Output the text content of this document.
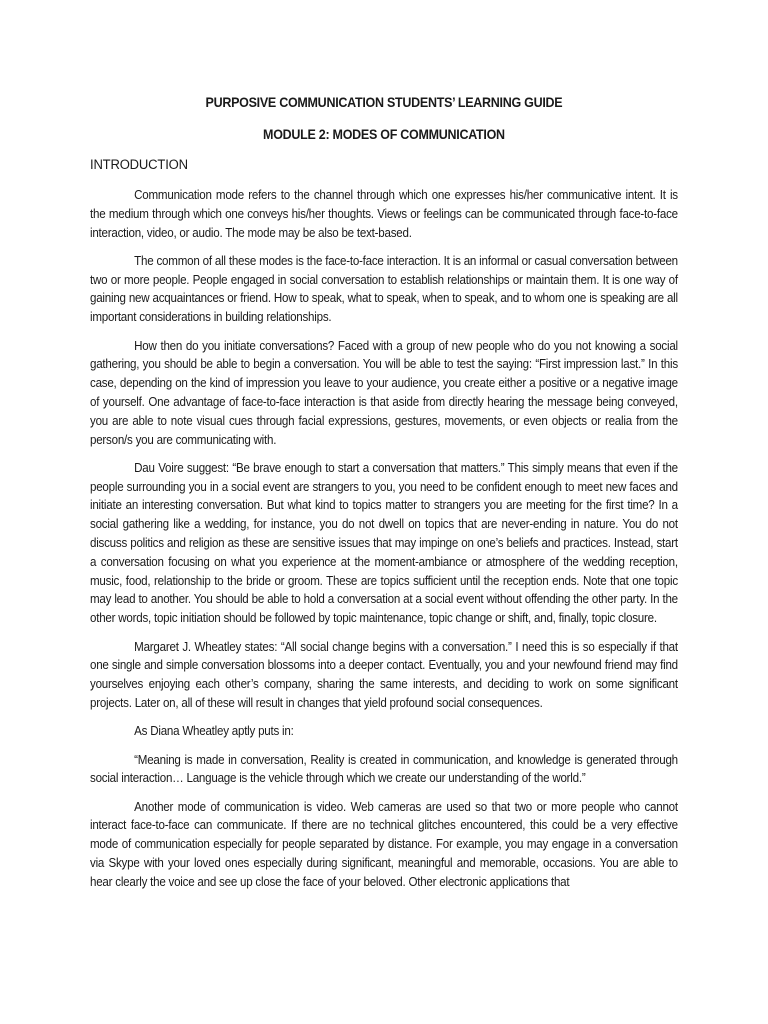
PURPOSIVE COMMUNICATION STUDENTS’ LEARNING GUIDE
MODULE 2: MODES OF COMMUNICATION
INTRODUCTION

Communication mode refers to the channel through which one expresses his/her communicative intent. It is the medium through which one conveys his/her thoughts. Views or feelings can be communicated through face-to-face interaction, video, or audio. The mode may be also be text-based.

The common of all these modes is the face-to-face interaction. It is an informal or casual conversation between two or more people. People engaged in social conversation to establish relationships or maintain them. It is one way of gaining new acquaintances or friend. How to speak, what to speak, when to speak, and to whom one is speaking are all important considerations in building relationships.

How then do you initiate conversations? Faced with a group of new people who do you not knowing a social gathering, you should be able to begin a conversation. You will be able to test the saying: “First impression last.” In this case, depending on the kind of impression you leave to your audience, you create either a positive or a negative image of yourself. One advantage of face-to-face interaction is that aside from directly hearing the message being conveyed, you are able to note visual cues through facial expressions, gestures, movements, or even objects or realia from the person/s you are communicating with.

Dau Voire suggest: “Be brave enough to start a conversation that matters.” This simply means that even if the people surrounding you in a social event are strangers to you, you need to be confident enough to meet new faces and initiate an interesting conversation. But what kind to topics matter to strangers you are meeting for the first time? In a social gathering like a wedding, for instance, you do not dwell on topics that are never-ending in nature. You do not discuss politics and religion as these are sensitive issues that may impinge on one’s beliefs and practices. Instead, start a conversation focusing on what you experience at the moment-ambiance or atmosphere of the wedding reception, music, food, relationship to the bride or groom. These are topics sufficient until the reception ends. Note that one topic may lead to another. You should be able to hold a conversation at a social event without offending the other party. In the other words, topic initiation should be followed by topic maintenance, topic change or shift, and, finally, topic closure.

Margaret J. Wheatley states: “All social change begins with a conversation.” I need this is so especially if that one single and simple conversation blossoms into a deeper contact. Eventually, you and your newfound friend may find yourselves enjoying each other’s company, sharing the same interests, and deciding to work on some significant projects. Later on, all of these will result in changes that yield profound social consequences.

As Diana Wheatley aptly puts in:

“Meaning is made in conversation, Reality is created in communication, and knowledge is generated through social interaction… Language is the vehicle through which we create our understanding of the world.”

Another mode of communication is video. Web cameras are used so that two or more people who cannot interact face-to-face can communicate. If there are no technical glitches encountered, this could be a very effective mode of communication especially for people separated by distance. For example, you may engage in a conversation via Skype with your loved ones especially during significant, meaningful and memorable, occasions. You are able to hear clearly the voice and see up close the face of your beloved. Other electronic applications that
